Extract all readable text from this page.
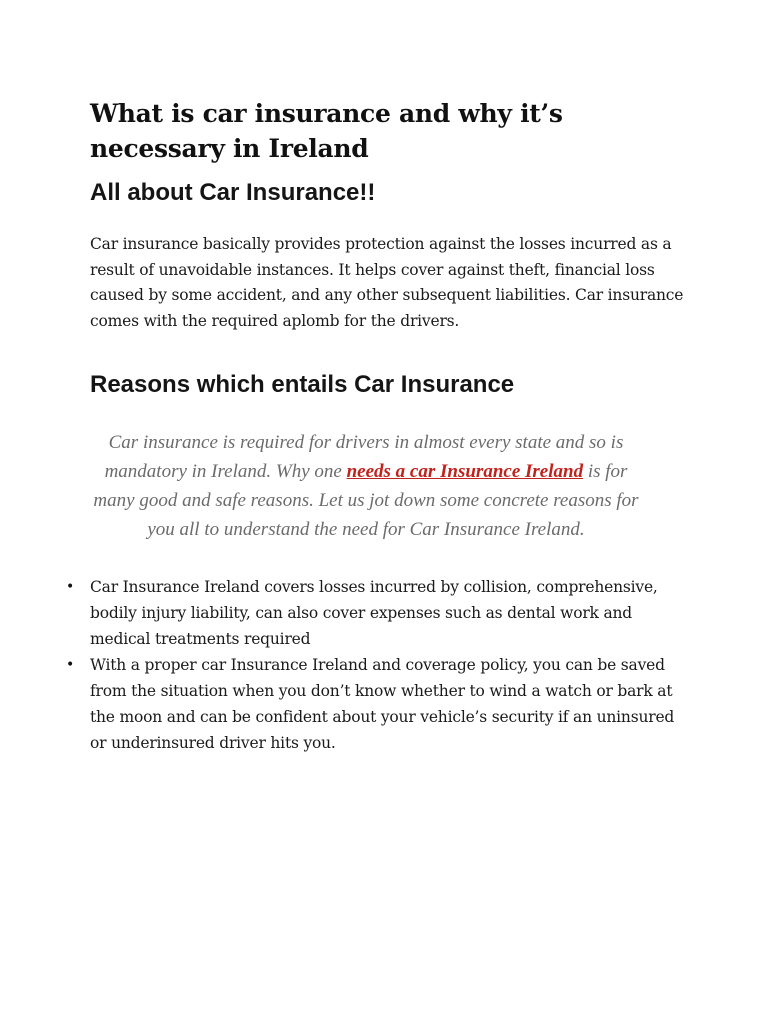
What is car insurance and why it’s necessary in Ireland
All about Car Insurance!!

Car insurance basically provides protection against the losses incurred as a result of unavoidable instances. It helps cover against theft, financial loss caused by some accident, and any other subsequent liabilities. Car insurance comes with the required aplomb for the drivers.

Reasons which entails Car Insurance

Car insurance is required for drivers in almost every state and so is mandatory in Ireland. Why one needs a car Insurance Ireland is for many good and safe reasons. Let us jot down some concrete reasons for you all to understand the need for Car Insurance Ireland.

• Car Insurance Ireland covers losses incurred by collision, comprehensive, bodily injury liability, can also cover expenses such as dental work and medical treatments required
• With a proper car Insurance Ireland and coverage policy, you can be saved from the situation when you don’t know whether to wind a watch or bark at the moon and can be confident about your vehicle’s security if an uninsured or underinsured driver hits you.
